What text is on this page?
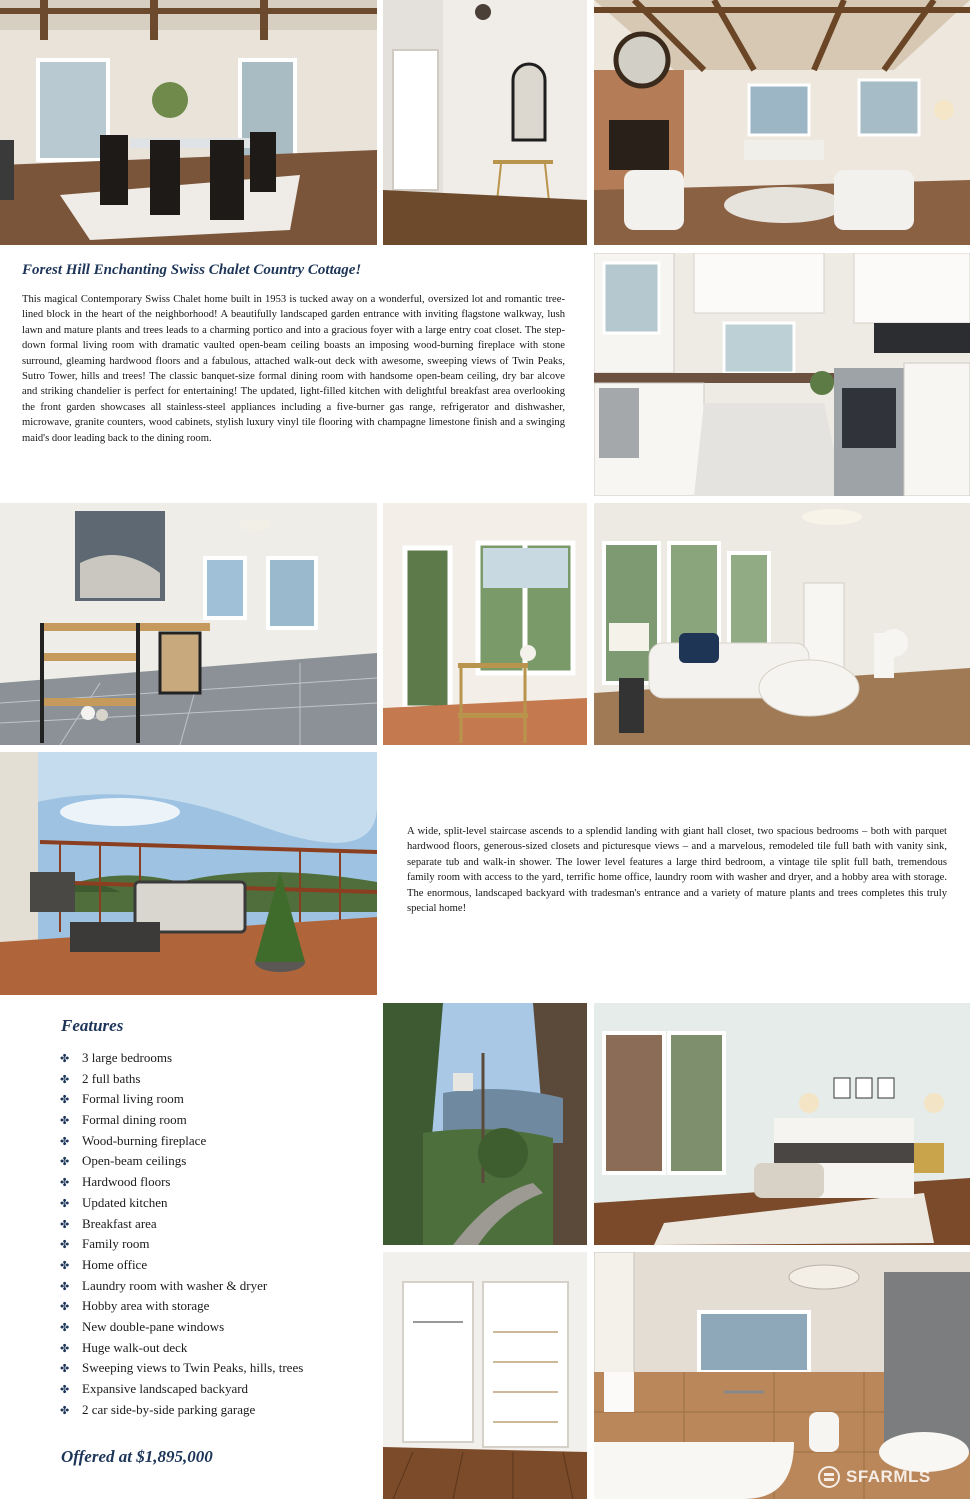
Forest Hill Enchanting Swiss Chalet Country Cottage!

This magical Contemporary Swiss Chalet home built in 1953 is tucked away on a wonderful, oversized lot and romantic tree-lined block in the heart of the neighborhood! A beautifully landscaped garden entrance with inviting flagstone walkway, lush lawn and mature plants and trees leads to a charming portico and into a gracious foyer with a large entry coat closet. The step-down formal living room with dramatic vaulted open-beam ceiling boasts an imposing wood-burning fireplace with stone surround, gleaming hardwood floors and a fabulous, attached walk-out deck with awesome, sweeping views of Twin Peaks, Sutro Tower, hills and trees! The classic banquet-size formal dining room with handsome open-beam ceiling, dry bar alcove and striking chandelier is perfect for entertaining! The updated, light-filled kitchen with delightful breakfast area overlooking the front garden showcases all stainless-steel appliances including a five-burner gas range, refrigerator and dishwasher, microwave, granite counters, wood cabinets, stylish luxury vinyl tile flooring with champagne limestone finish and a swinging maid's door leading back to the dining room.

A wide, split-level staircase ascends to a splendid landing with giant hall closet, two spacious bedrooms – both with parquet hardwood floors, generous-sized closets and picturesque views – and a marvelous, remodeled tile full bath with vanity sink, separate tub and walk-in shower. The lower level features a large third bedroom, a vintage tile split full bath, tremendous family room with access to the yard, terrific home office, laundry room with washer and dryer, and a hobby area with storage. The enormous, landscaped backyard with tradesman's entrance and a variety of mature plants and trees completes this truly special home!

Features
✤ 3 large bedrooms
✤ 2 full baths
✤ Formal living room
✤ Formal dining room
✤ Wood-burning fireplace
✤ Open-beam ceilings
✤ Hardwood floors
✤ Updated kitchen
✤ Breakfast area
✤ Family room
✤ Home office
✤ Laundry room with washer & dryer
✤ Hobby area with storage
✤ New double-pane windows
✤ Huge walk-out deck
✤ Sweeping views to Twin Peaks, hills, trees
✤ Expansive landscaped backyard
✤ 2 car side-by-side parking garage

Offered at $1,895,000

SFARMLS
